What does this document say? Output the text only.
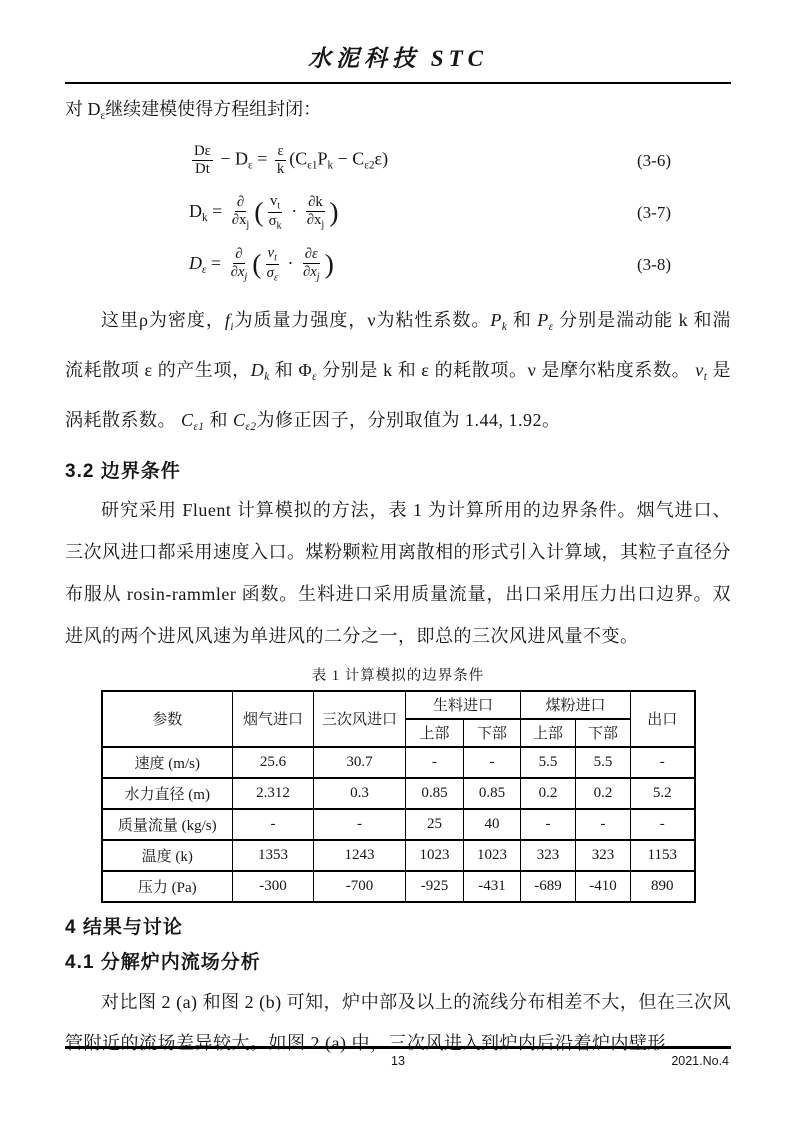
水泥科技 STC
对 $D_\varepsilon$继续建模使得方程组封闭：
$\frac{D\varepsilon}{Dt} - D_\varepsilon = \frac{\varepsilon}{k} (C_{\varepsilon 1}P_k - C_{\varepsilon 2}\varepsilon)$	(3-6)
$D_k = \frac{\partial}{\partial x_j}$ ( $\frac{v_t}{\sigma_k} \cdot \frac{\partial k}{\partial x_j}$ )	(3-7)
$D_\varepsilon = \frac{\partial}{\partial x_j}$ ( $\frac{\nu_t}{\sigma_\varepsilon} \cdot \frac{\partial\varepsilon}{\partial x_j}$ )	(3-8)

这里ρ为密度，$f_i$为质量力强度，ν为粘性系数。$P_k$ 和 $P_\varepsilon$ 分别是湍动能 k 和湍流耗散项 ε 的产生项，$D_k$ 和 $\Phi_\varepsilon$ 分别是 k 和 ε 的耗散项。ν 是摩尔粘度系数。 $\nu_t$ 是涡耗散系数。 $C_{\varepsilon 1}$ 和 $C_{\varepsilon 2}$为修正因子，分别取值为 1.44, 1.92。

3.2 边界条件

研究采用 Fluent 计算模拟的方法，表 1 为计算所用的边界条件。烟气进口、三次风进口都采用速度入口。煤粉颗粒用离散相的形式引入计算域，其粒子直径分布服从 rosin-rammler 函数。生料进口采用质量流量，出口采用压力出口边界。双进风的两个进风风速为单进风的二分之一，即总的三次风进风量不变。

表 1 计算模拟的边界条件
参数	烟气进口	三次风进口	生料进口		煤粉进口		出口
			上部	下部	上部	下部	
速度 (m/s)	25.6	30.7	-	-	5.5	5.5	-
水力直径 (m)	2.312	0.3	0.85	0.85	0.2	0.2	5.2
质量流量 (kg/s)	-	-	25	40	-	-	-
温度 (k)	1353	1243	1023	1023	323	323	1153
压力 (Pa)	-300	-700	-925	-431	-689	-410	890
4 结果与讨论
4.1 分解炉内流场分析

对比图 2 (a) 和图 2 (b) 可知，炉中部及以上的流线分布相差不大，但在三次风管附近的流场差异较大。如图 2 (a) 中，三次风进入到炉内后沿着炉内壁形

13	2021.No.4
